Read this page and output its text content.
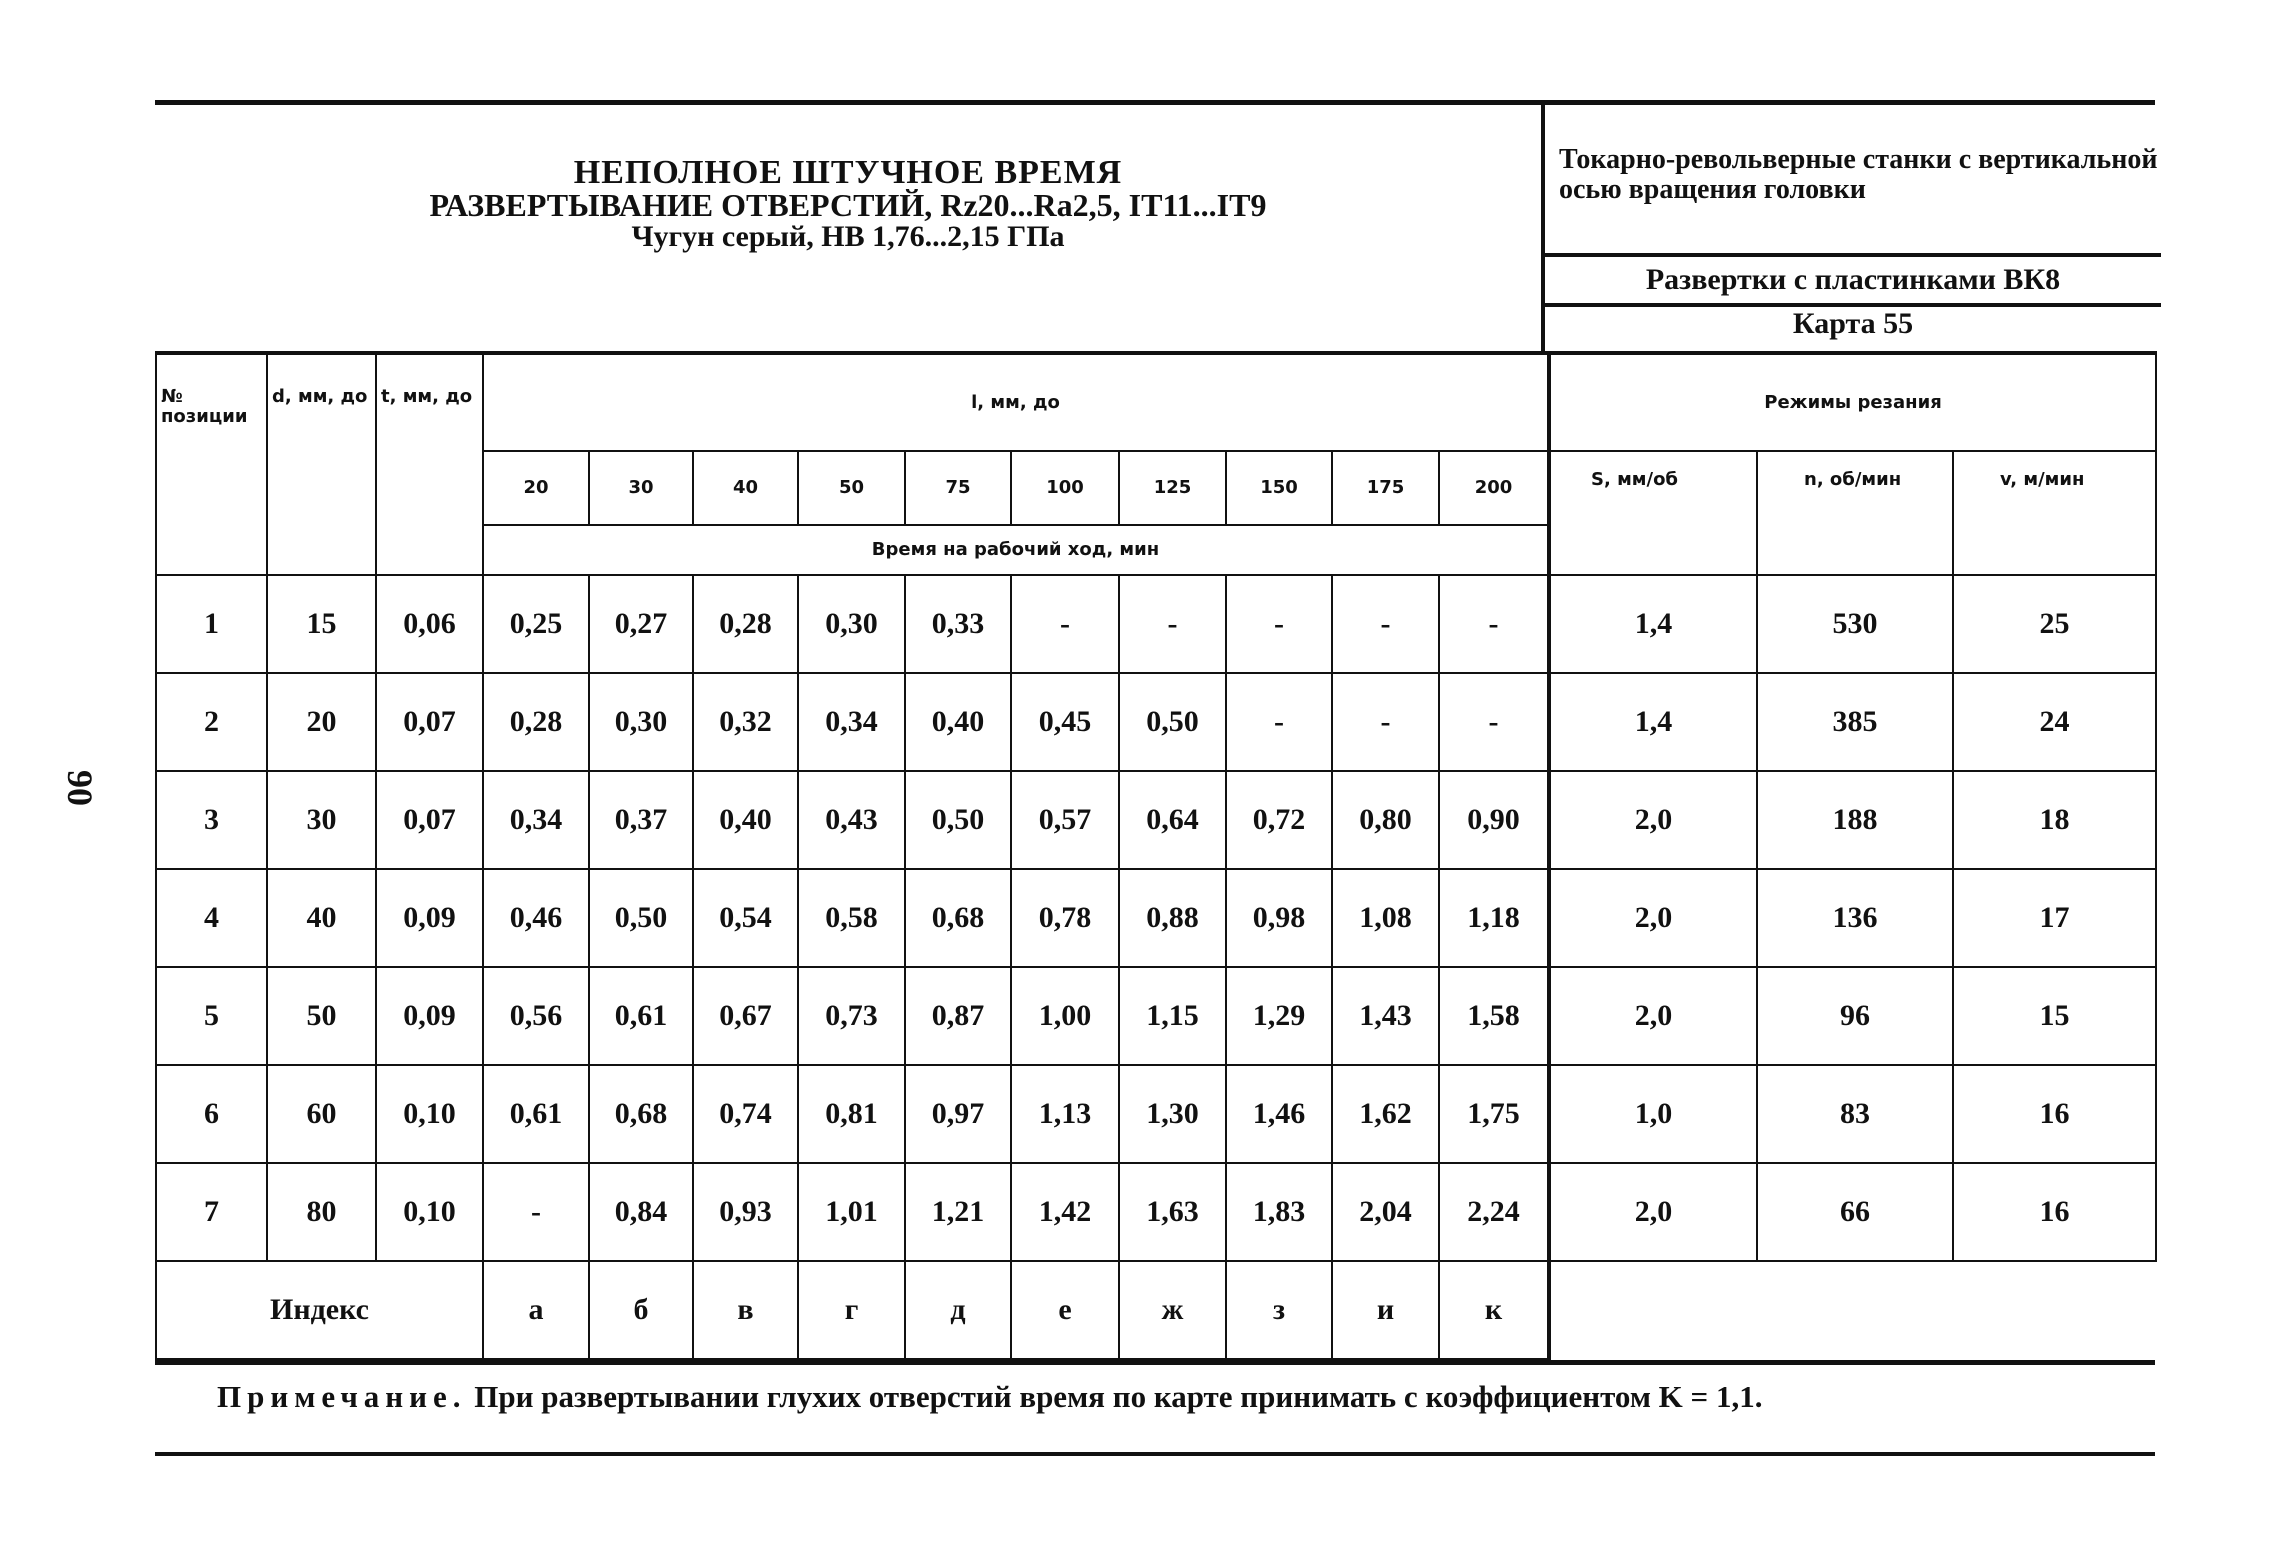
90
НЕПОЛНОЕ ШТУЧНОЕ ВРЕМЯ
РАЗВЕРТЫВАНИЕ ОТВЕРСТИЙ, Rz20...Ra2,5, IT11...IT9
Чугун серый, HB 1,76...2,15 ГПа
Токарно-револьверные станки с вертикальной осью вращения головки
Развертки с пластинками ВК8
Карта 55
№ позиции	d, мм, до	t, мм, до	l, мм, до										Режимы резания		
			20	30	40	50	75	100	125	150	175	200	S, мм/об	n, об/мин	v, м/мин
			Время на рабочий ход, мин												
1	15	0,06	0,25	0,27	0,28	0,30	0,33	-	-	-	-	-	1,4	530	25
2	20	0,07	0,28	0,30	0,32	0,34	0,40	0,45	0,50	-	-	-	1,4	385	24
3	30	0,07	0,34	0,37	0,40	0,43	0,50	0,57	0,64	0,72	0,80	0,90	2,0	188	18
4	40	0,09	0,46	0,50	0,54	0,58	0,68	0,78	0,88	0,98	1,08	1,18	2,0	136	17
5	50	0,09	0,56	0,61	0,67	0,73	0,87	1,00	1,15	1,29	1,43	1,58	2,0	96	15
6	60	0,10	0,61	0,68	0,74	0,81	0,97	1,13	1,30	1,46	1,62	1,75	1,0	83	16
7	80	0,10	-	0,84	0,93	1,01	1,21	1,42	1,63	1,83	2,04	2,24	2,0	66	16
Индекс			а	б	в	г	д	е	ж	з	и	к			
Примечание. При развертывании глухих отверстий время по карте принимать с коэффициентом K = 1,1.
